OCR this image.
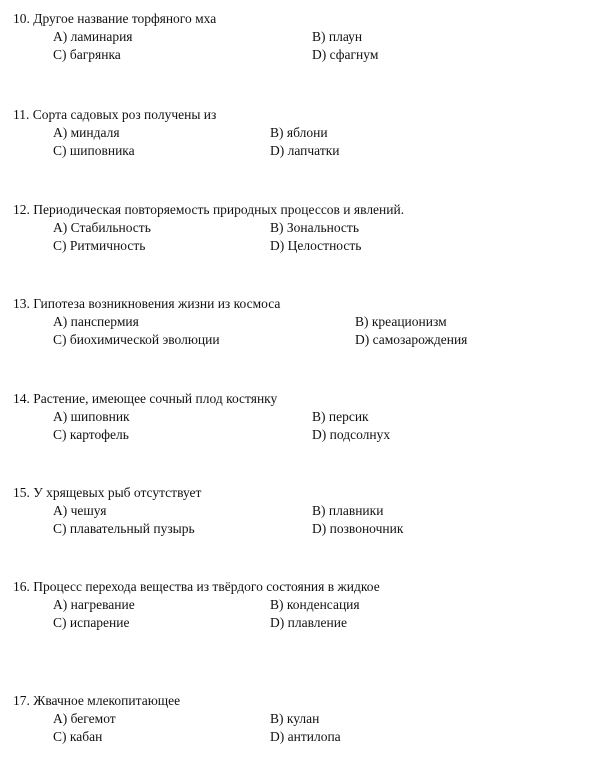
10. Другое название торфяного мха
A) ламинария	B) плаун
C) багрянка	D) сфагнум
11. Сорта садовых роз получены из
A) миндаля	B) яблони
C) шиповника	D) лапчатки
12. Периодическая повторяемость природных процессов и явлений.
A) Стабильность	B) Зональность
C) Ритмичность	D) Целостность
13. Гипотеза возникновения жизни из космоса
A) панспермия	B) креационизм
C) биохимической эволюции	D) самозарождения
14. Растение, имеющее сочный плод костянку
A) шиповник	B) персик
C) картофель	D) подсолнух
15. У хрящевых рыб отсутствует
A) чешуя	B) плавники
C) плавательный пузырь	D) позвоночник
16. Процесс перехода вещества из твёрдого состояния в жидкое
A) нагревание	B) конденсация
C) испарение	D) плавление
17. Жвачное млекопитающее
A) бегемот	B) кулан
C) кабан	D) антилопа
